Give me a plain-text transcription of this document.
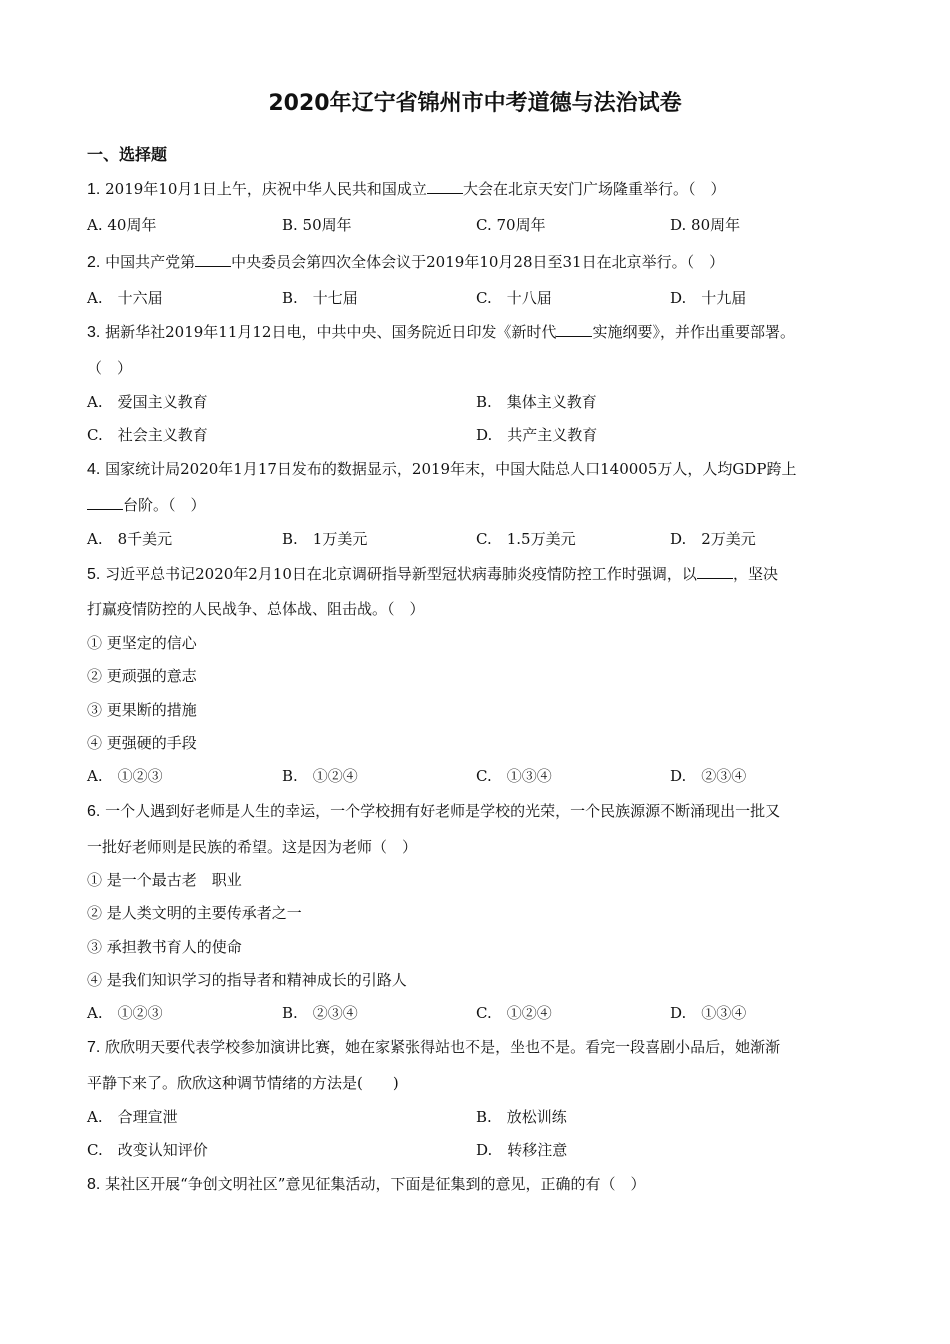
2020年辽宁省锦州市中考道德与法治试卷
一、选择题
1. 2019年10月1日上午，庆祝中华人民共和国成立 大会在北京天安门广场隆重举行。（　）
A. 40周年	B. 50周年	C. 70周年	D. 80周年
2. 中国共产党第 中央委员会第四次全体会议于2019年10月28日至31日在北京举行。（　）
A.　十六届	B.　十七届	C.　十八届	D.　十九届
3. 据新华社2019年11月12日电，中共中央、国务院近日印发《新时代 实施纲要》，并作出重要部署。
（　）
A.　爱国主义教育	B.　集体主义教育
C.　社会主义教育	D.　共产主义教育
4. 国家统计局2020年1月17日发布的数据显示，2019年末，中国大陆总人口140005万人，人均GDP跨上
台阶。（　）
A.　8千美元	B.　1万美元	C.　1.5万美元	D.　2万美元
5. 习近平总书记2020年2月10日在北京调研指导新型冠状病毒肺炎疫情防控工作时强调，以 ，坚决
打赢疫情防控的人民战争、总体战、阻击战。（　）
① 更坚定的信心
② 更顽强的意志
③ 更果断的措施
④ 更强硬的手段
A.　①②③	B.　①②④	C.　①③④	D.　②③④
6. 一个人遇到好老师是人生的幸运，一个学校拥有好老师是学校的光荣，一个民族源源不断涌现出一批又
一批好老师则是民族的希望。这是因为老师（　）
① 是一个最古老　职业
② 是人类文明的主要传承者之一
③ 承担教书育人的使命
④ 是我们知识学习的指导者和精神成长的引路人
A.　①②③	B.　②③④	C.　①②④	D.　①③④
7. 欣欣明天要代表学校参加演讲比赛，她在家紧张得站也不是，坐也不是。看完一段喜剧小品后，她渐渐
平静下来了。欣欣这种调节情绪的方法是(　　)
A.　合理宣泄	B.　放松训练
C.　改变认知评价	D.　转移注意
8. 某社区开展“争创文明社区”意见征集活动，下面是征集到的意见，正确的有（　）
